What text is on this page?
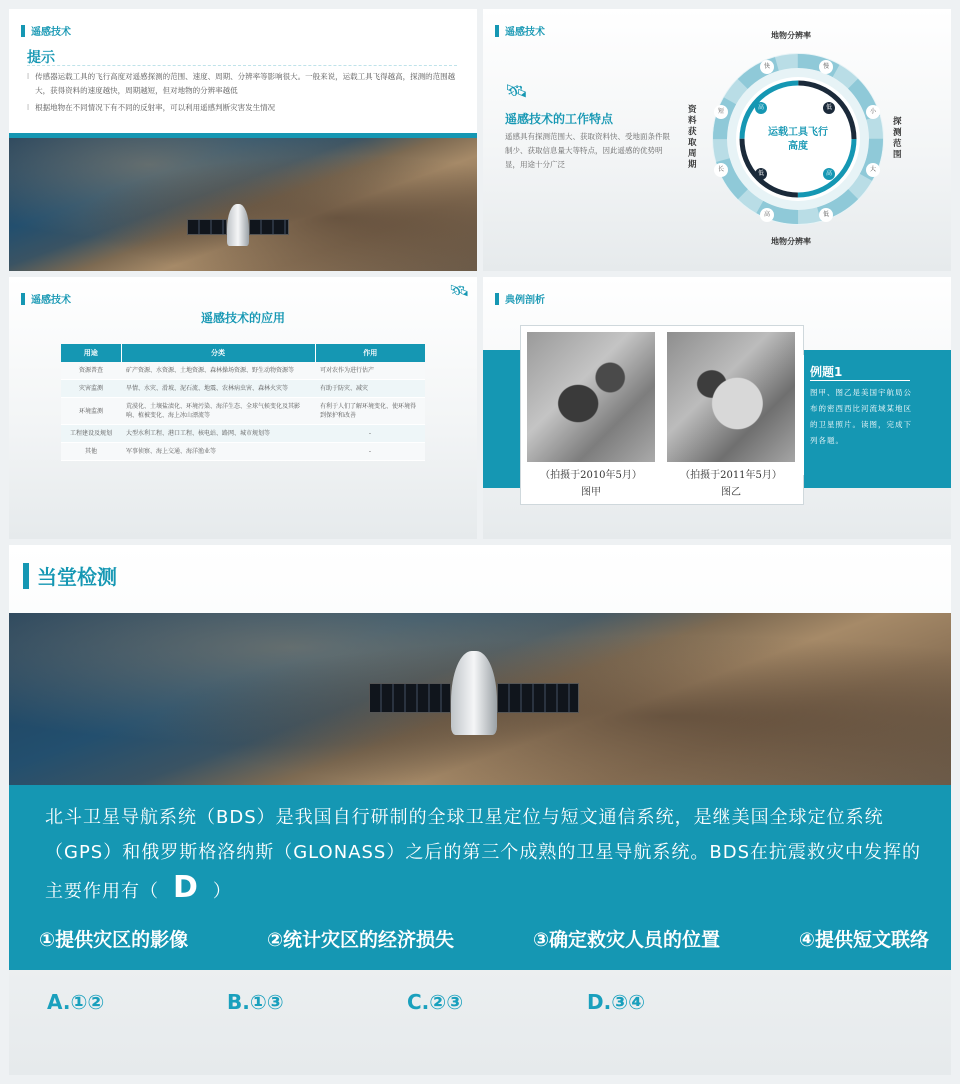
遥感技术
提示
l 传感器运载工具的飞行高度对遥感探测的范围、速度、周期、分辨率等影响很大。一般来说，运载工具飞得越高，探测的范围越大，获得资料的速度越快，周期越短，但对地物的分辨率越低
l 根据地物在不同情况下有不同的反射率，可以利用遥感判断灾害发生情况
遥感技术
🛰
遥感技术的工作特点
遥感具有探测范围大、获取资料快、受地面条件限制少、获取信息量大等特点，因此遥感的优势明显，用途十分广泛
地物分辨率
地物分辨率
资料获取周期
探测范围
运载工具飞行高度
快	慢
小
大
低
高
长
短
高	低
高
低
遥感技术
🛰
遥感技术的应用
用途	分类	作用
资源普查	矿产资源、水资源、土地资源、森林操场资源、野生动物资源等	可对农作为进行估产
灾害监测	旱情、水灾、滑坡、泥石流、地震、农林病虫害、森林火灾等	有助于防灾、减灾
环境监测	荒漠化、土壤盐渍化、环境污染、海洋生态、全球气候变化及其影响、植被变化、海上冰山漂流等	有利于人们了解环境变化、使环境得到保护和改善
工程建设及规划	大型水利工程、港口工程、核电站、路网、城市规划等	-
其他	军事侦察、海上交通、海洋渔业等	-
典例剖析
（拍摄于2010年5月）
图甲
（拍摄于2011年5月）
图乙
例题1
图甲、图乙是美国宇航局公布的密西西比河流域某地区的卫星照片。读图，完成下列各题。
当堂检测
北斗卫星导航系统（BDS）是我国自行研制的全球卫星定位与短文通信系统，是继美国全球定位系统（GPS）和俄罗斯格洛纳斯（GLONASS）之后的第三个成熟的卫星导航系统。BDS在抗震救灾中发挥的主要作用有（ D ）
①提供灾区的影像	②统计灾区的经济损失	③确定救灾人员的位置	④提供短文联络
A.①②	B.①③	C.②③	D.③④
